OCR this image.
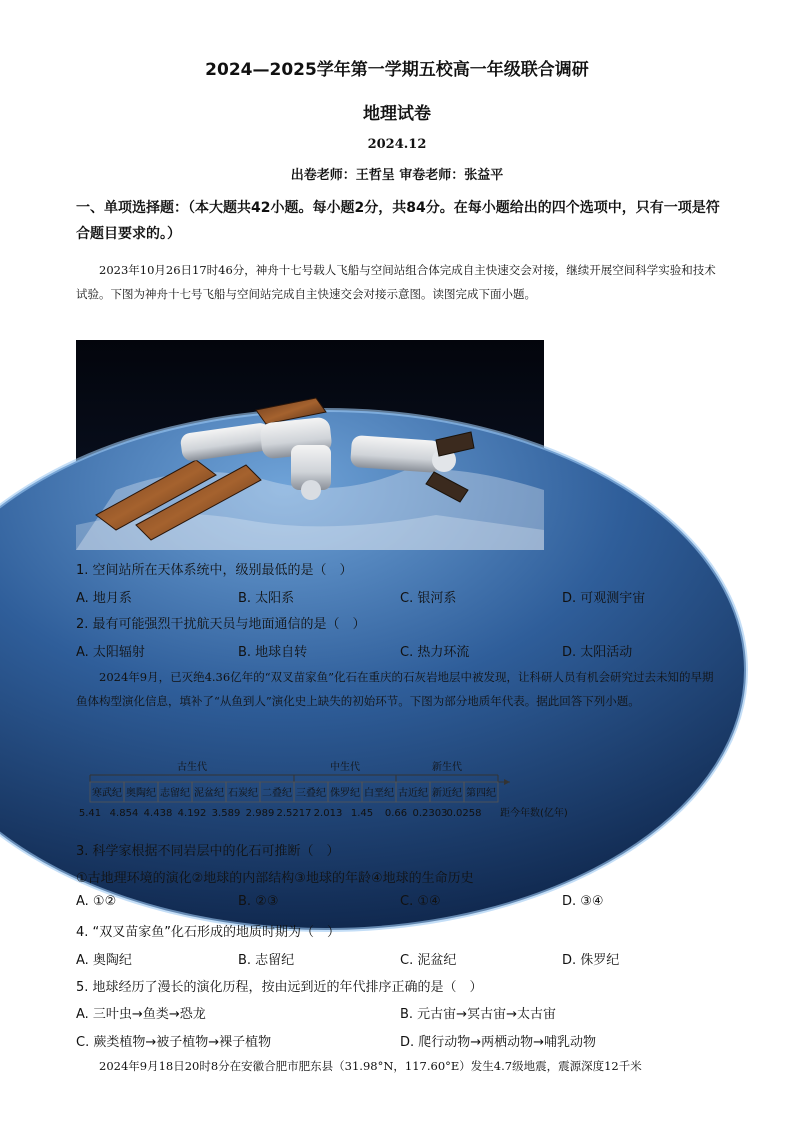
2024—2025学年第一学期五校高一年级联合调研
地理试卷
2024.12
出卷老师：王哲呈 审卷老师：张益平
一、单项选择题：（本大题共42小题。每小题2分，共84分。在每小题给出的四个选项中，只有一项是符合题目要求的。）
2023年10月26日17时46分，神舟十七号载人飞船与空间站组合体完成自主快速交会对接，继续开展空间科学实验和技术试验。下图为神舟十七号飞船与空间站完成自主快速交会对接示意图。读图完成下面小题。
1. 空间站所在天体系统中，级别最低的是（　）
A. 地月系	B. 太阳系	C. 银河系	D. 可观测宇宙
2. 最有可能强烈干扰航天员与地面通信的是（　）
A. 太阳辐射	B. 地球自转	C. 热力环流	D. 太阳活动
2024年9月，已灭绝4.36亿年的“双叉苗家鱼”化石在重庆的石灰岩地层中被发现，让科研人员有机会研究过去未知的早期鱼体构型演化信息，填补了“从鱼到人”演化史上缺失的初始环节。下图为部分地质年代表。据此回答下列小题。
古生代	中生代	新生代
寒武纪 奥陶纪 志留纪 泥盆纪 石炭纪 二叠纪 三叠纪 侏罗纪 白垩纪 古近纪 新近纪 第四纪
5.41 4.854 4.438 4.192 3.589 2.989 2.5217 2.013 1.45 0.66 0.2303 0.0258 距今年数(亿年)
3. 科学家根据不同岩层中的化石可推断（　）
①古地理环境的演化②地球的内部结构③地球的年龄④地球的生命历史
A. ①②	B. ②③	C. ①④	D. ③④
4. “双叉苗家鱼”化石形成的地质时期为（　）
A. 奥陶纪	B. 志留纪	C. 泥盆纪	D. 侏罗纪
5. 地球经历了漫长的演化历程，按由远到近的年代排序正确的是（　）
A. 三叶虫→鱼类→恐龙	B. 元古宙→冥古宙→太古宙
C. 蕨类植物→被子植物→裸子植物	D. 爬行动物→两栖动物→哺乳动物
2024年9月18日20时8分在安徽合肥市肥东县（31.98°N，117.60°E）发生4.7级地震，震源深度12千米
